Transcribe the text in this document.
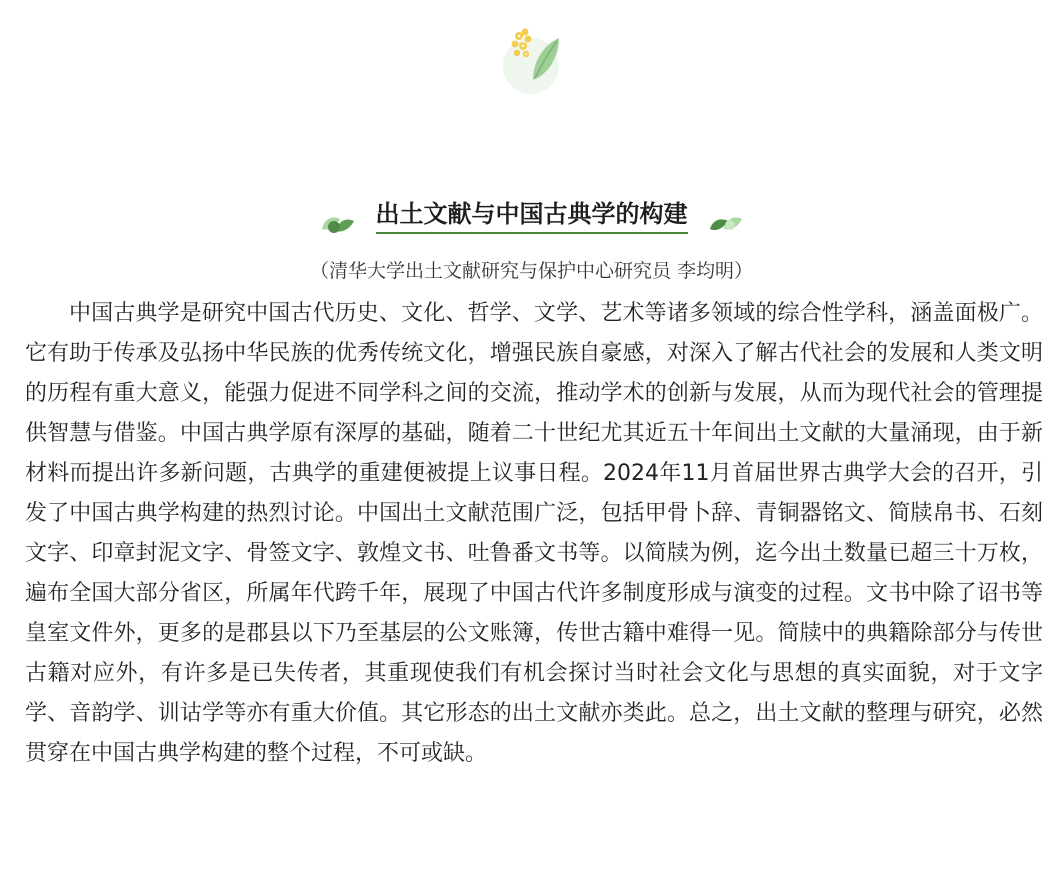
出土文献与中国古典学的构建
（清华大学出土文献研究与保护中心研究员 李均明）

中国古典学是研究中国古代历史、文化、哲学、文学、艺术等诸多领域的综合性学科，涵盖面极广。它有助于传承及弘扬中华民族的优秀传统文化，增强民族自豪感，对深入了解古代社会的发展和人类文明的历程有重大意义，能强力促进不同学科之间的交流，推动学术的创新与发展，从而为现代社会的管理提供智慧与借鉴。中国古典学原有深厚的基础，随着二十世纪尤其近五十年间出土文献的大量涌现，由于新材料而提出许多新问题，古典学的重建便被提上议事日程。2024年11月首届世界古典学大会的召开，引发了中国古典学构建的热烈讨论。中国出土文献范围广泛，包括甲骨卜辞、青铜器铭文、简牍帛书、石刻文字、印章封泥文字、骨签文字、敦煌文书、吐鲁番文书等。以简牍为例，迄今出土数量已超三十万枚，遍布全国大部分省区，所属年代跨千年，展现了中国古代许多制度形成与演变的过程。文书中除了诏书等皇室文件外，更多的是郡县以下乃至基层的公文账簿，传世古籍中难得一见。简牍中的典籍除部分与传世古籍对应外，有许多是已失传者，其重现使我们有机会探讨当时社会文化与思想的真实面貌，对于文字学、音韵学、训诂学等亦有重大价值。其它形态的出土文献亦类此。总之，出土文献的整理与研究，必然贯穿在中国古典学构建的整个过程，不可或缺。
